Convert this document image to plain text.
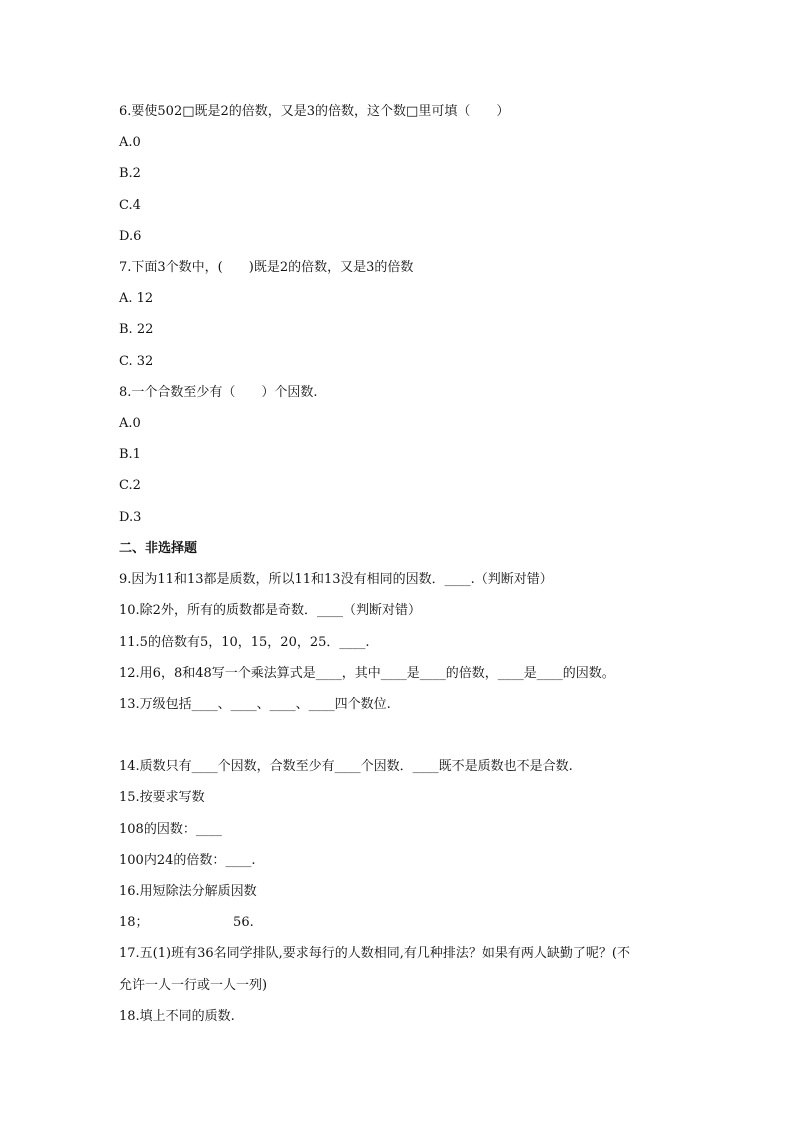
6.要使502□既是2的倍数，又是3的倍数，这个数□里可填（　　）
A.0
B.2
C.4
D.6
7.下面3个数中，(　　)既是2的倍数，又是3的倍数
A. 12
B. 22
C. 32
8.一个合数至少有（　　）个因数.
A.0
B.1
C.2
D.3
二、非选择题
9.因为11和13都是质数，所以11和13没有相同的因数．____.（判断对错）
10.除2外，所有的质数都是奇数．____（判断对错）
11.5的倍数有5，10，15，20，25．____.
12.用6，8和48写一个乘法算式是____，其中____是____的倍数，____是____的因数。
13.万级包括____、____、____、____四个数位.
14.质数只有____个因数，合数至少有____个因数．____既不是质数也不是合数.
15.按要求写数
108的因数：____
100内24的倍数：____.
16.用短除法分解质因数
18；　　　　　　　56.
17.五(1)班有36名同学排队,要求每行的人数相同,有几种排法？如果有两人缺勤了呢？(不
允许一人一行或一人一列)
18.填上不同的质数.
